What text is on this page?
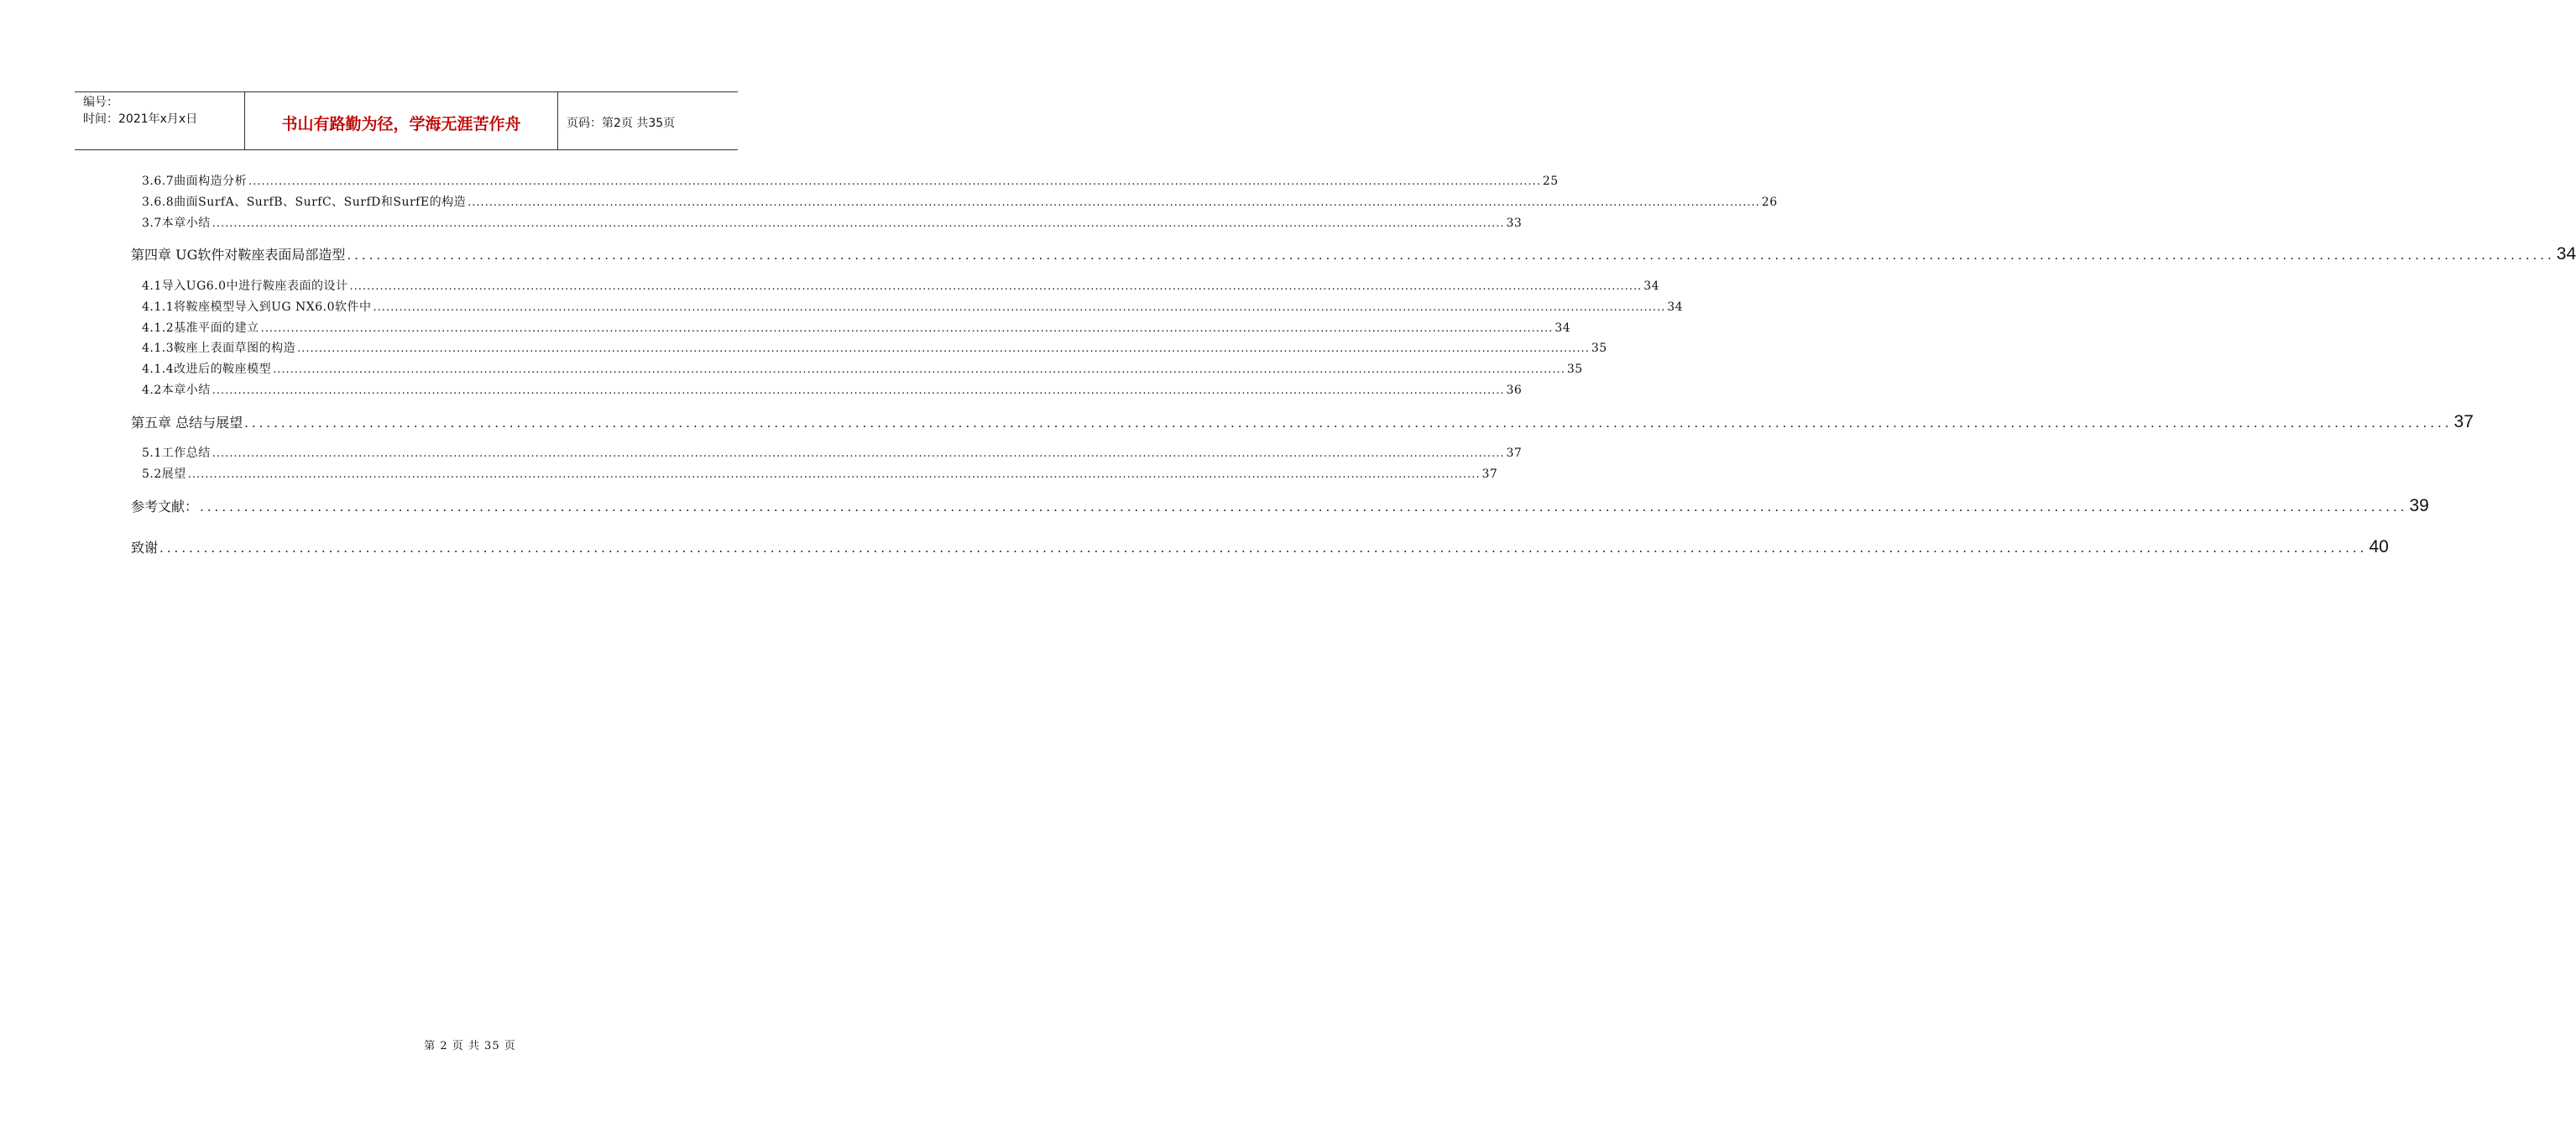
编号：
时间：2021年x月x日	书山有路勤为径，学海无涯苦作舟	页码：第2页 共35页
3.6.7曲面构造分析 ............................................................................................................................................................................................................................................................................................................ 25
3.6.8曲面SurfA、SurfB、SurfC、SurfD和SurfE的构造 ............................................................................................................................................................................................................................................................................................................ 26
3.7本章小结 ............................................................................................................................................................................................................................................................................................................ 33
第四章 UG软件对鞍座表面局部造型 ............................................................................................................................................................................................................................................................................................................ 34
4.1导入UG6.0中进行鞍座表面的设计 ............................................................................................................................................................................................................................................................................................................ 34
4.1.1将鞍座模型导入到UG NX6.0软件中 ............................................................................................................................................................................................................................................................................................................ 34
4.1.2基准平面的建立 ............................................................................................................................................................................................................................................................................................................ 34
4.1.3鞍座上表面草图的构造 ............................................................................................................................................................................................................................................................................................................ 35
4.1.4改进后的鞍座模型 ............................................................................................................................................................................................................................................................................................................ 35
4.2本章小结 ............................................................................................................................................................................................................................................................................................................ 36
第五章 总结与展望 ............................................................................................................................................................................................................................................................................................................ 37
5.1工作总结 ............................................................................................................................................................................................................................................................................................................ 37
5.2展望 ............................................................................................................................................................................................................................................................................................................ 37
参考文献： ............................................................................................................................................................................................................................................................................................................ 39
致谢 ............................................................................................................................................................................................................................................................................................................ 40
第 2 页 共 35 页
